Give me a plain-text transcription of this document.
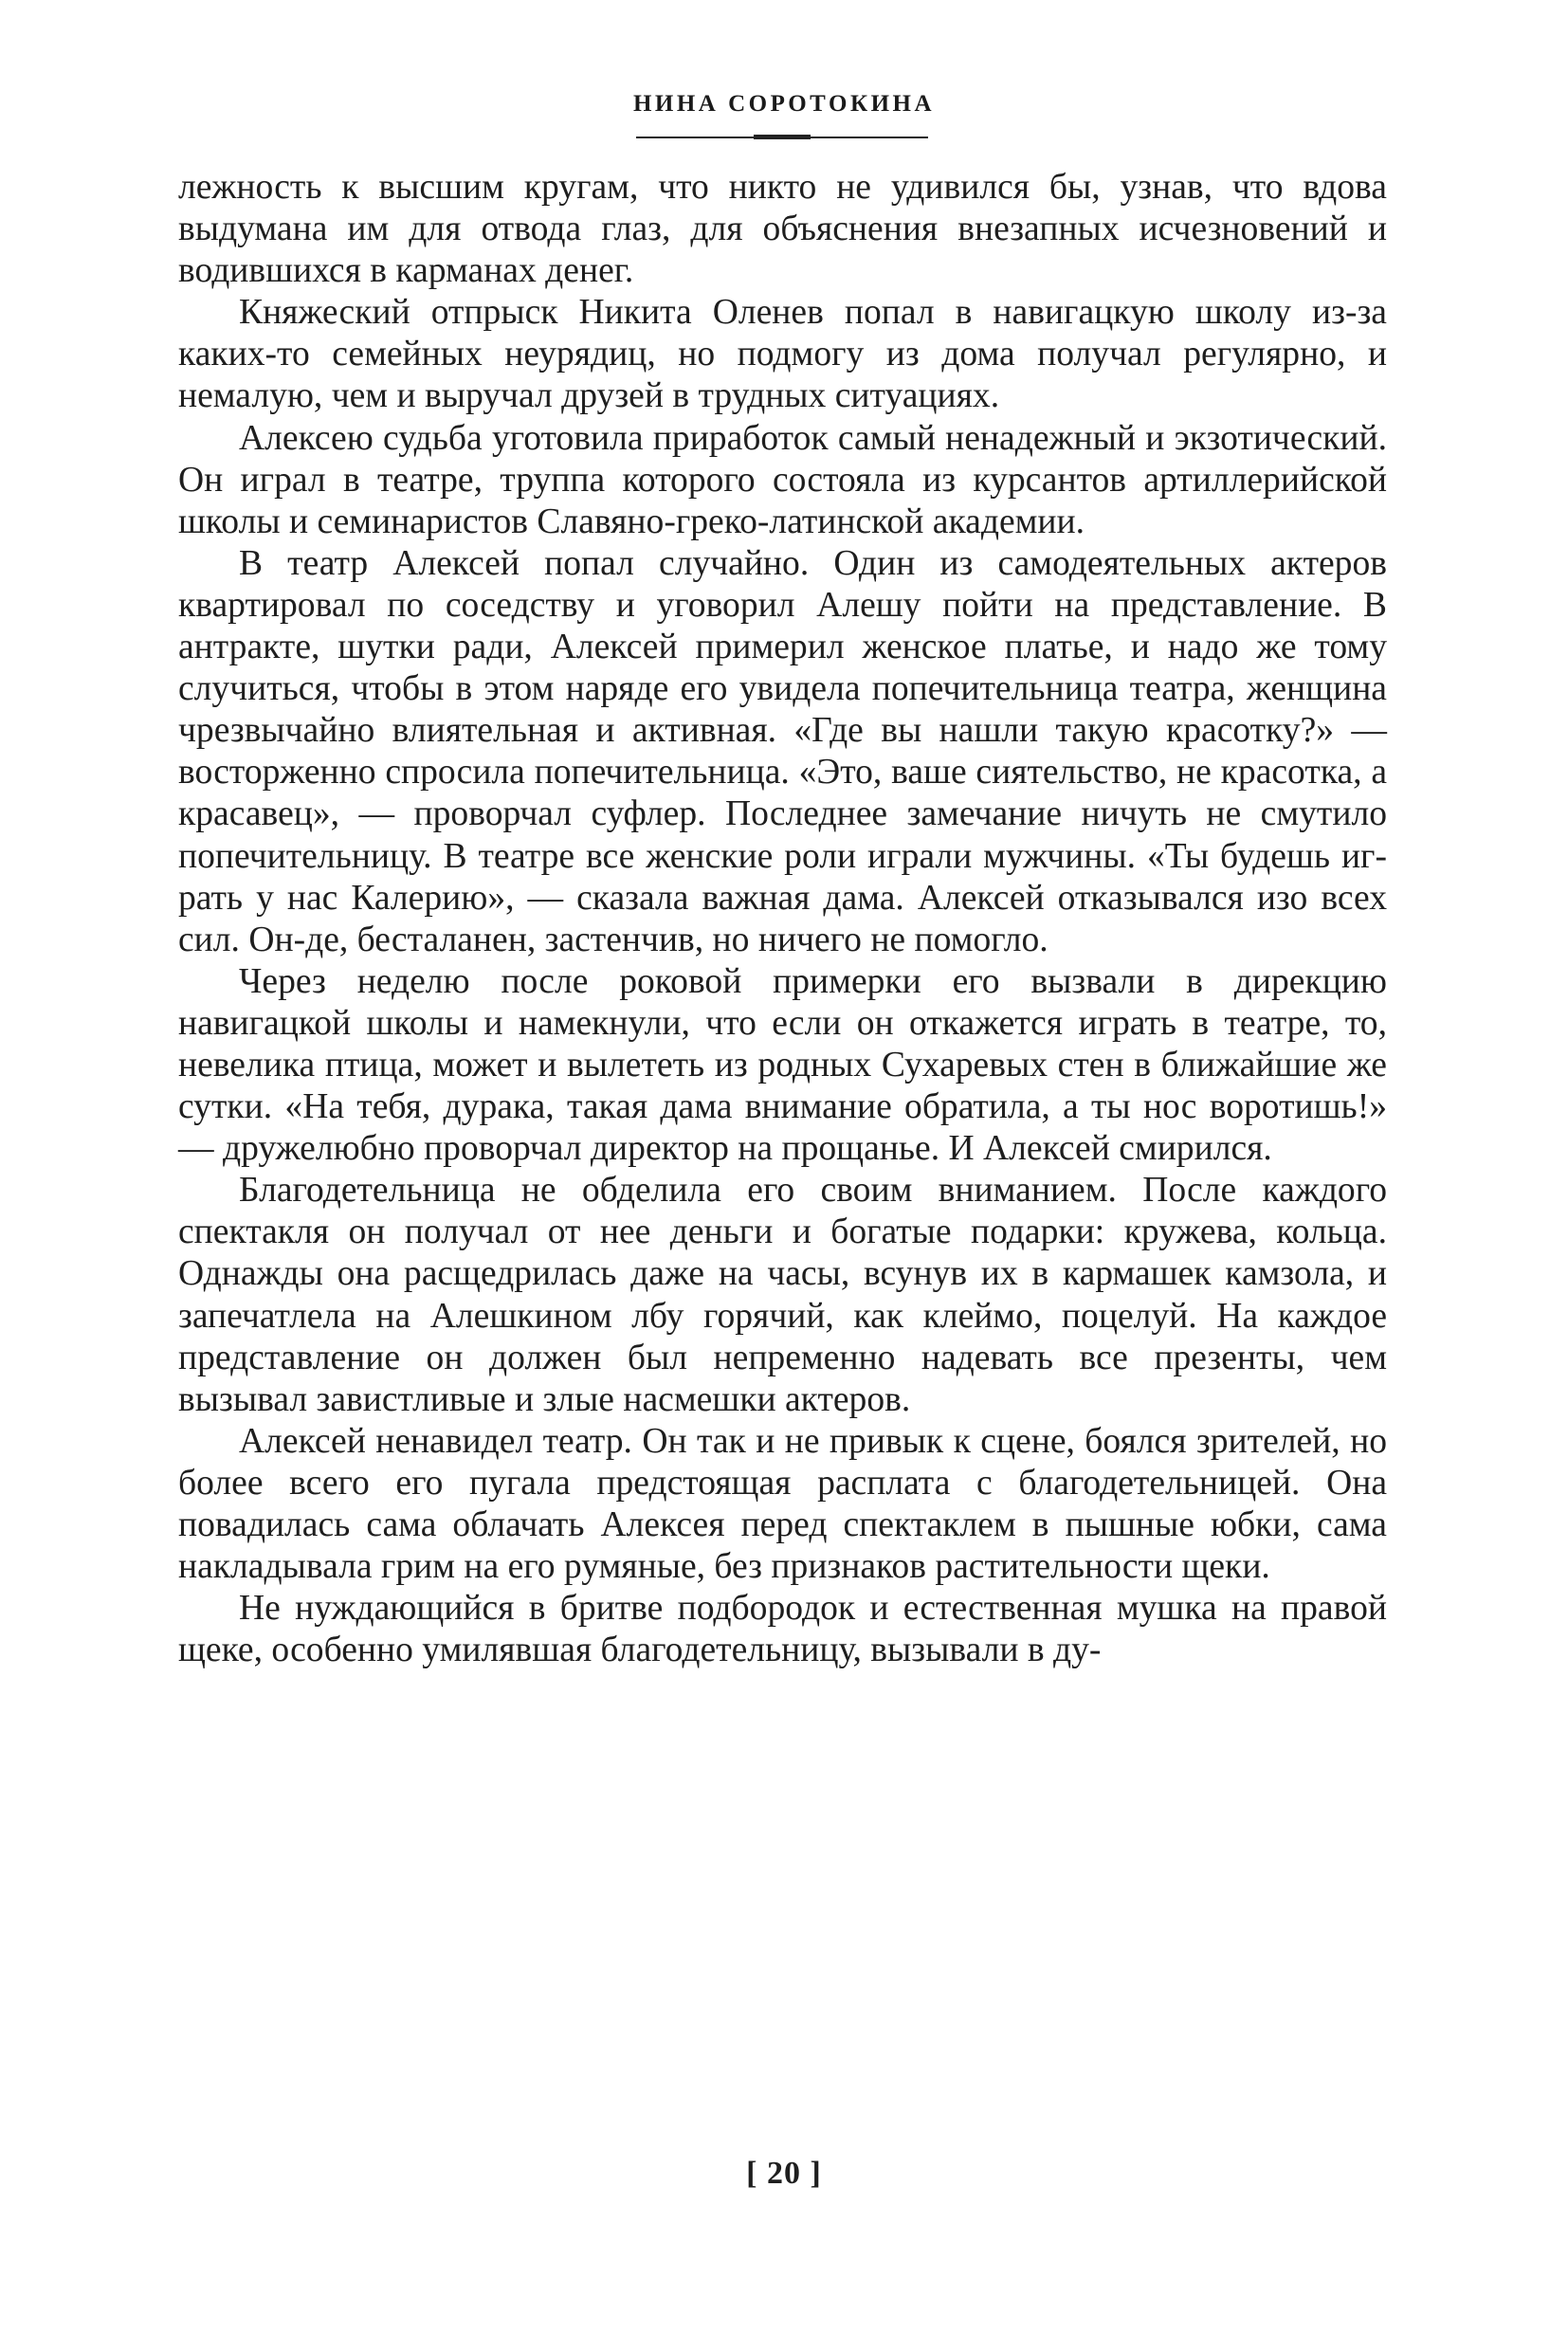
НИНА СОРОТОКИНА

лежность к высшим кругам, что никто не удивился бы, узнав, что вдова выдумана им для отвода глаз, для объяснения внезапных исчезновений и водившихся в карманах денег.

Княжеский отпрыск Никита Оленев попал в навигацкую школу из-за каких-то семейных неурядиц, но подмогу из дома получал регулярно, и немалую, чем и выручал друзей в трудных ситуациях.

Алексею судьба уготовила приработок самый ненадежный и экзотический. Он играл в театре, труппа которого состояла из курсантов артиллерийской школы и семинаристов Славяно-греко-латинской академии.

В театр Алексей попал случайно. Один из самодеятельных актеров квартировал по соседству и уговорил Алешу пойти на представление. В антракте, шутки ради, Алексей примерил женское платье, и надо же тому случиться, чтобы в этом наряде его увидела попечительница театра, женщина чрезвычайно влиятельная и активная. «Где вы нашли такую красотку?» — восторженно спросила попечительница. «Это, ваше сиятельство, не красотка, а красавец», — проворчал суфлер. Последнее замечание ничуть не смутило попечительницу. В театре все женские роли играли мужчины. «Ты будешь играть у нас Калерию», — сказала важная дама. Алексей отказывался изо всех сил. Он-де, бесталанен, застенчив, но ничего не помогло.

Через неделю после роковой примерки его вызвали в дирекцию навигацкой школы и намекнули, что если он откажется играть в театре, то, невелика птица, может и вылететь из родных Сухаревых стен в ближайшие же сутки. «На тебя, дурака, такая дама внимание обратила, а ты нос воротишь!» — дружелюбно проворчал директор на прощанье. И Алексей смирился.

Благодетельница не обделила его своим вниманием. После каждого спектакля он получал от нее деньги и богатые подарки: кружева, кольца. Однажды она расщедрилась даже на часы, всунув их в кармашек камзола, и запечатлела на Алешкином лбу горячий, как клеймо, поцелуй. На каждое представление он должен был непременно надевать все презенты, чем вызывал завистливые и злые насмешки актеров.

Алексей ненавидел театр. Он так и не привык к сцене, боялся зрителей, но более всего его пугала предстоящая расплата с благодетельницей. Она повадилась сама облачать Алексея перед спектаклем в пышные юбки, сама накладывала грим на его румяные, без признаков растительности щеки.

Не нуждающийся в бритве подбородок и естественная мушка на правой щеке, особенно умилявшая благодетельницу, вызывали в ду-

[ 20 ]
